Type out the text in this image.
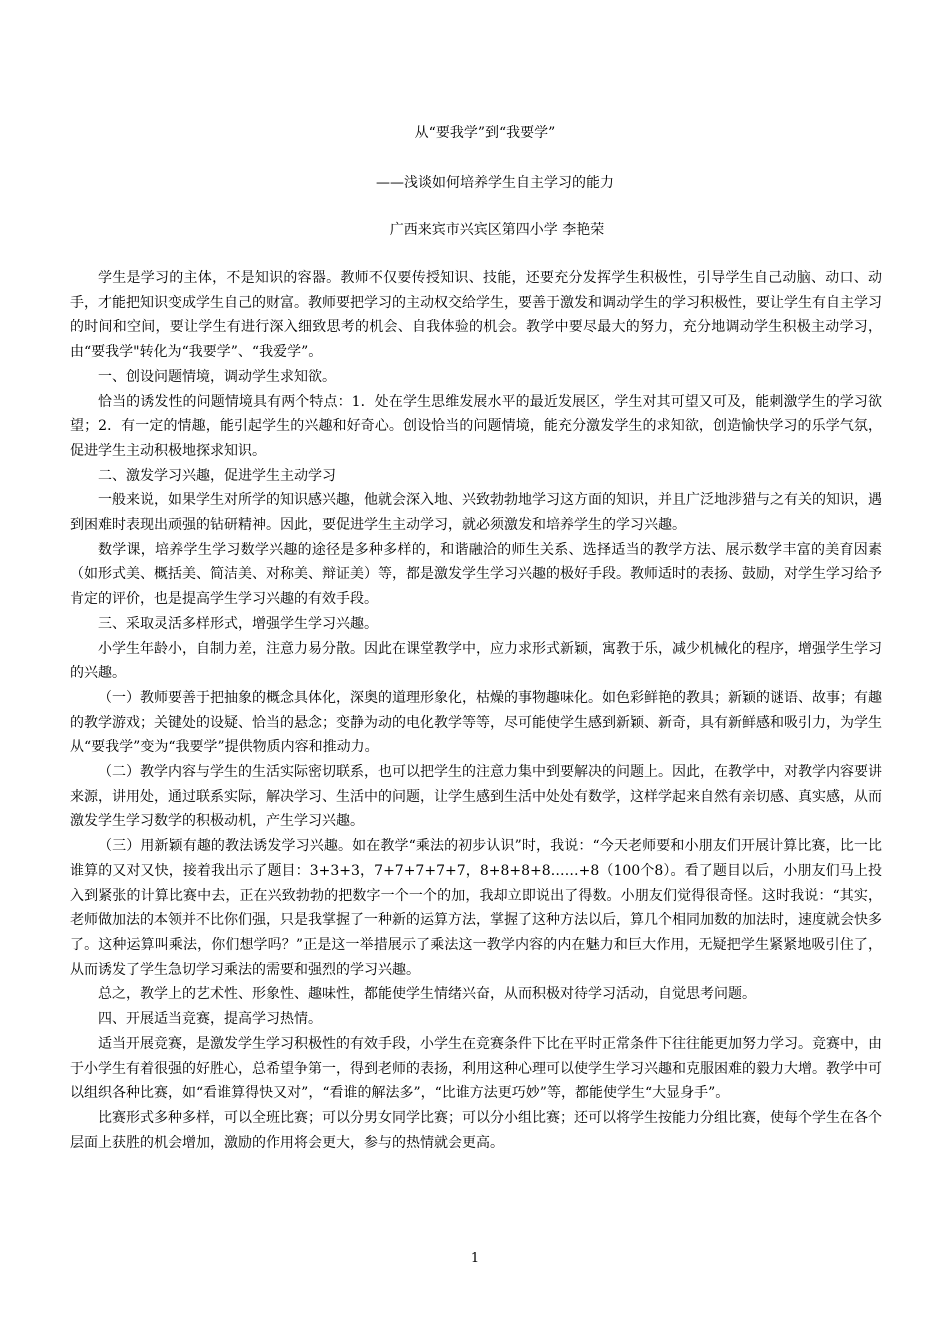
从“要我学”到“我要学”
——浅谈如何培养学生自主学习的能力
广西来宾市兴宾区第四小学 李艳荣

学生是学习的主体，不是知识的容器。教师不仅要传授知识、技能，还要充分发挥学生积极性，引导学生自己动脑、动口、动手，才能把知识变成学生自己的财富。教师要把学习的主动权交给学生，要善于激发和调动学生的学习积极性，要让学生有自主学习的时间和空间，要让学生有进行深入细致思考的机会、自我体验的机会。教学中要尽最大的努力，充分地调动学生积极主动学习，由“要我学"转化为“我要学”、“我爱学”。

一、创设问题情境，调动学生求知欲。

恰当的诱发性的问题情境具有两个特点：1．处在学生思维发展水平的最近发展区，学生对其可望又可及，能刺激学生的学习欲望；2．有一定的情趣，能引起学生的兴趣和好奇心。创设恰当的问题情境，能充分激发学生的求知欲，创造愉快学习的乐学气氛，促进学生主动积极地探求知识。

二、激发学习兴趣，促进学生主动学习

一般来说，如果学生对所学的知识感兴趣，他就会深入地、兴致勃勃地学习这方面的知识，并且广泛地涉猎与之有关的知识，遇到困难时表现出顽强的钻研精神。因此，要促进学生主动学习，就必须激发和培养学生的学习兴趣。

数学课，培养学生学习数学兴趣的途径是多种多样的，和谐融洽的师生关系、选择适当的教学方法、展示数学丰富的美育因素（如形式美、概括美、简洁美、对称美、辩证美）等，都是激发学生学习兴趣的极好手段。教师适时的表扬、鼓励，对学生学习给予肯定的评价，也是提高学生学习兴趣的有效手段。

三、采取灵活多样形式，增强学生学习兴趣。

小学生年龄小，自制力差，注意力易分散。因此在课堂教学中，应力求形式新颖，寓教于乐，减少机械化的程序，增强学生学习的兴趣。

（一）教师要善于把抽象的概念具体化，深奥的道理形象化，枯燥的事物趣味化。如色彩鲜艳的教具；新颖的谜语、故事；有趣的教学游戏；关键处的设疑、恰当的悬念；变静为动的电化教学等等，尽可能使学生感到新颖、新奇，具有新鲜感和吸引力，为学生从“要我学”变为“我要学”提供物质内容和推动力。

（二）教学内容与学生的生活实际密切联系，也可以把学生的注意力集中到要解决的问题上。因此，在教学中，对教学内容要讲来源，讲用处，通过联系实际，解决学习、生活中的问题，让学生感到生活中处处有数学，这样学起来自然有亲切感、真实感，从而激发学生学习数学的积极动机，产生学习兴趣。

（三）用新颖有趣的教法诱发学习兴趣。如在教学“乘法的初步认识”时，我说：“今天老师要和小朋友们开展计算比赛，比一比谁算的又对又快，接着我出示了题目：3+3+3，7+7+7+7+7，8+8+8+8……+8（100个8）。看了题目以后，小朋友们马上投入到紧张的计算比赛中去，正在兴致勃勃的把数字一个一个的加，我却立即说出了得数。小朋友们觉得很奇怪。这时我说：“其实，老师做加法的本领并不比你们强，只是我掌握了一种新的运算方法，掌握了这种方法以后，算几个相同加数的加法时，速度就会快多了。这种运算叫乘法，你们想学吗？”正是这一举措展示了乘法这一教学内容的内在魅力和巨大作用，无疑把学生紧紧地吸引住了，从而诱发了学生急切学习乘法的需要和强烈的学习兴趣。

总之，教学上的艺术性、形象性、趣味性，都能使学生情绪兴奋，从而积极对待学习活动，自觉思考问题。

四、开展适当竞赛，提高学习热情。

适当开展竞赛，是激发学生学习积极性的有效手段，小学生在竞赛条件下比在平时正常条件下往往能更加努力学习。竞赛中，由于小学生有着很强的好胜心，总希望争第一，得到老师的表扬，利用这种心理可以使学生学习兴趣和克服困难的毅力大增。教学中可以组织各种比赛，如“看谁算得快又对”，“看谁的解法多”，“比谁方法更巧妙”等，都能使学生“大显身手”。

比赛形式多种多样，可以全班比赛；可以分男女同学比赛；可以分小组比赛；还可以将学生按能力分组比赛，使每个学生在各个层面上获胜的机会增加，激励的作用将会更大，参与的热情就会更高。

1
